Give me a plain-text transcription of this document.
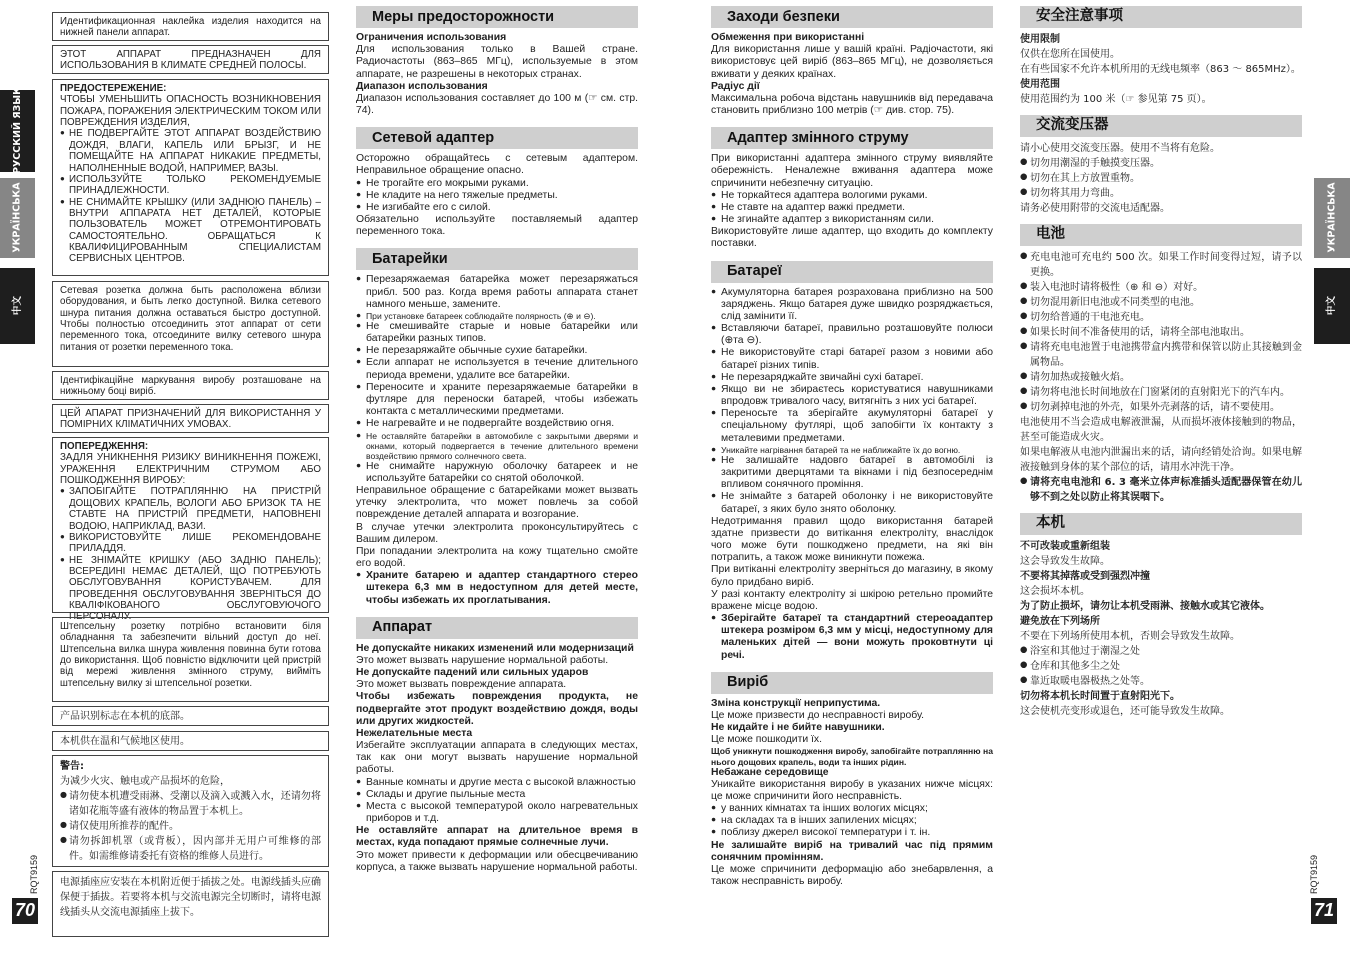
РУССКИЙ ЯЗЫК
УКРАЇНСЬКА
中文
УКРАЇНСЬКА
中文
RQT9159
70
RQT9159
71
Идентификационная наклейка изделия находится на нижней панели аппарат.
ЭТОТ АППАРАТ ПРЕДНАЗНАЧЕН ДЛЯ ИСПОЛЬЗОВАНИЯ В КЛИМАТЕ СРЕДНЕЙ ПОЛОСЫ.
ПРЕДОСТЕРЕЖЕНИЕ:
ЧТОБЫ УМЕНЬШИТЬ ОПАСНОСТЬ ВОЗНИКНОВЕНИЯ ПОЖАРА, ПОРАЖЕНИЯ ЭЛЕКТРИЧЕСКИМ ТОКОМ ИЛИ ПОВРЕЖДЕНИЯ ИЗДЕЛИЯ,
● НЕ ПОДВЕРГАЙТЕ ЭТОТ АППАРАТ ВОЗДЕЙСТВИЮ ДОЖДЯ, ВЛАГИ, КАПЕЛЬ ИЛИ БРЫЗГ, И НЕ ПОМЕЩАЙТЕ НА АППАРАТ НИКАКИЕ ПРЕДМЕТЫ, НАПОЛНЕННЫЕ ВОДОЙ, НАПРИМЕР, ВАЗЫ.
● ИСПОЛЬЗУЙТЕ ТОЛЬКО РЕКОМЕНДУЕМЫЕ ПРИНАДЛЕЖНОСТИ.
● НЕ СНИМАЙТЕ КРЫШКУ (ИЛИ ЗАДНЮЮ ПАНЕЛЬ) – ВНУТРИ АППАРАТА НЕТ ДЕТАЛЕЙ, КОТОРЫЕ ПОЛЬЗОВАТЕЛЬ МОЖЕТ ОТРЕМОНТИРОВАТЬ САМОСТОЯТЕЛЬНО. ОБРАЩАТЬСЯ К КВАЛИФИЦИРОВАННЫМ СПЕЦИАЛИСТАМ СЕРВИСНЫХ ЦЕНТРОВ.
Сетевая розетка должна быть расположена вблизи оборудования, и быть легко доступной. Вилка сетевого шнура питания должна оставаться быстро доступной. Чтобы полностью отсоединить этот аппарат от сети переменного тока, отсоедините вилку сетевого шнура питания от розетки переменного тока.
Ідентифікаційне маркування виробу розташоване на нижньому боці виріб.
ЦЕЙ АПАРАТ ПРИЗНАЧЕНИЙ ДЛЯ ВИКОРИСТАННЯ У ПОМІРНИХ КЛІМАТИЧНИХ УМОВАХ.
ПОПЕРЕДЖЕННЯ:
ЗАДЛЯ УНИКНЕННЯ РИЗИКУ ВИНИКНЕННЯ ПОЖЕЖІ, УРАЖЕННЯ ЕЛЕКТРИЧНИМ СТРУМОМ АБО ПОШКОДЖЕННЯ ВИРОБУ:
● ЗАПОБІГАЙТЕ ПОТРАПЛЯННЮ НА ПРИСТРІЙ ДОЩОВИХ КРАПЕЛЬ, ВОЛОГИ АБО БРИЗОК ТА НЕ СТАВТЕ НА ПРИСТРІЙ ПРЕДМЕТИ, НАПОВНЕНІ ВОДОЮ, НАПРИКЛАД, ВАЗИ.
● ВИКОРИСТОВУЙТЕ ЛИШЕ РЕКОМЕНДОВАНЕ ПРИЛАДДЯ.
● НЕ ЗНІМАЙТЕ КРИШКУ (АБО ЗАДНЮ ПАНЕЛЬ); ВСЕРЕДИНІ НЕМАЄ ДЕТАЛЕЙ, ЩО ПОТРЕБУЮТЬ ОБСЛУГОВУВАННЯ КОРИСТУВАЧЕМ. ДЛЯ ПРОВЕДЕННЯ ОБСЛУГОВУВАННЯ ЗВЕРНІТЬСЯ ДО КВАЛІФІКОВАНОГО ОБСЛУГОВУЮЧОГО ПЕРСОНАЛУ.
Штепсельну розетку потрібно встановити біля обладнання та забезпечити вільний доступ до неї. Штепсельна вилка шнура живлення повинна бути готова до використання. Щоб повністю відключити цей пристрій від мережі живлення змінного струму, вийміть штепсельну вилку зі штепсельної розетки.
产品识别标志在本机的底部。
本机供在温和气候地区使用。
警告:
为减少火灾、触电或产品损坏的危险，
● 请勿使本机遭受雨淋、受潮以及滴入或溅入水，还请勿将诸如花瓶等盛有液体的物品置于本机上。
● 请仅使用所推荐的配件。
● 请勿拆卸机罩（或背板），因内部并无用户可维修的部件。如需维修请委托有资格的维修人员进行。
电源插座应安装在本机附近便于插拔之处。电源线插头应确保便于插拔。若要将本机与交流电源完全切断时，请将电源线插头从交流电源插座上拔下。
Меры предосторожности

Ограничения использования

Для использования только в Вашей стране. Радиочастоты (863–865 МГц), используемые в этом аппарате, не разрешены в некоторых странах.

Диапазон использования

Диапазон использования составляет до 100 м (☞ см. стр. 74).

Сетевой адаптер

Осторожно обращайтесь с сетевым адаптером. Неправильное обращение опасно.

● Не трогайте его мокрыми руками.
● Не кладите на него тяжелые предметы.
● Не изгибайте его с силой.

Обязательно используйте поставляемый адаптер переменного тока.

Батарейки
● Перезаряжаемая батарейка может перезаряжаться прибл. 500 раз. Когда время работы аппарата станет намного меньше, замените.
● При установке батареек соблюдайте полярность (⊕ и ⊖).
● Не смешивайте старые и новые батарейки или батарейки разных типов.
● Не перезаряжайте обычные сухие батарейки.
● Если аппарат не используется в течение длительного периода времени, удалите все батарейки.
● Переносите и храните перезаряжаемые батарейки в футляре для переноски батарей, чтобы избежать контакта с металлическими предметами.
● Не нагревайте и не подвергайте воздействию огня.
● Не оставляйте батарейки в автомобиле с закрытыми дверями и окнами, который подвергается в течение длительного времени воздействию прямого солнечного света.
● Не снимайте наружную оболочку батареек и не используйте батарейки со снятой оболочкой.

Неправильное обращение с батарейками может вызвать утечку электролита, что может повлечь за собой повреждение деталей аппарата и возгорание.

В случае утечки электролита проконсультируйтесь с Вашим дилером.

При попадании электролита на кожу тщательно смойте его водой.

● Храните батарею и адаптер стандартного стерео штекера 6,3 мм в недоступном для детей месте, чтобы избежать их проглатывания.
Аппарат

Не допускайте никаких изменений или модернизаций

Это может вызвать нарушение нормальной работы.

Не допускайте падений или сильных ударов

Это может вызвать повреждение аппарата.

Чтобы избежать повреждения продукта, не подвергайте этот продукт воздействию дождя, воды или других жидкостей.

Нежелательные места

Избегайте эксплуатации аппарата в следующих местах, так как они могут вызвать нарушение нормальной работы.

● Ванные комнаты и другие места с высокой влажностью
● Склады и другие пыльные места
● Места с высокой температурой около нагревательных приборов и т.д.

Не оставляйте аппарат на длительное время в местах, куда попадают прямые солнечные лучи.

Это может привести к деформации или обесцвечиванию корпуса, а также вызвать нарушение нормальной работы.

Заходи безпеки

Обмеження при використанні

Для використання лише у вашій країні. Радіочастоти, які використовує цей виріб (863–865 МГц), не дозволяється вживати у деяких країнах.

Радіус дії

Максимальна робоча відстань навушників від передавача становить приблизно 100 метрів (☞ див. стор. 75).

Адаптер змінного струму

При використанні адаптера змінного струму виявляйте обережність. Неналежне вживання адаптера може спричинити небезпечну ситуацію.

● Не торкайтеся адаптера вологими руками.
● Не ставте на адаптер важкі предмети.
● Не згинайте адаптер з використанням сили.

Використовуйте лише адаптер, що входить до комплекту поставки.

Батареї
● Акумуляторна батарея розрахована приблизно на 500 заряджень. Якщо батарея дуже швидко розряджається, слід замінити її.
● Вставляючи батареї, правильно розташовуйте полюси (⊕та ⊖).
● Не використовуйте старі батареї разом з новими або батареї різних типів.
● Не перезаряджайте звичайні сухі батареї.
● Якщо ви не збираєтесь користуватися навушниками впродовж тривалого часу, витягніть з них усі батареї.
● Переносьте та зберігайте акумуляторні батареї у спеціальному футлярі, щоб запобігти їх контакту з металевими предметами.
● Уникайте нагрівання батарей та не наближайте їх до вогню.
● Не залишайте надовго батареї в автомобілі із закритими дверцятами та вікнами і під безпосереднім впливом сонячного проміння.
● Не знімайте з батарей оболонку і не використовуйте батареї, з яких було знято оболонку.

Недотримання правил щодо використання батарей здатне призвести до витікання електроліту, внаслідок чого може бути пошкоджено предмети, на які він потрапить, а також може виникнути пожежа.

При витіканні електроліту зверніться до магазину, в якому було придбано виріб.

У разі контакту електроліту зі шкірою ретельно промийте вражене місце водою.

● Зберігайте батареї та стандартний стереоадаптер штекера розміром 6,3 мм у місці, недоступному для маленьких дітей — вони можуть проковтнути ці речі.
Виріб

Зміна конструкції неприпустима.

Це може призвести до несправності виробу.

Не кидайте і не бийте навушники.

Це може пошкодити їх.

Щоб уникнути пошкодження виробу, запобігайте потраплянню на нього дощових крапель, води та інших рідин.

Небажане середовище

Уникайте використання виробу в указаних нижче місцях: це може спричинити його несправність.

● у ванних кімнатах та інших вологих місцях;
● на складах та в інших запилених місцях;
● поблизу джерел високої температури і т. ін.

Не залишайте виріб на тривалий час під прямим сонячним промінням.

Це може спричинити деформацію або знебарвлення, а також несправність виробу.

安全注意事项

使用限制

仅供在您所在国使用。

在有些国家不允许本机所用的无线电频率（863 ～ 865MHz）。

使用范围

使用范围约为 100 米（☞ 参见第 75 页）。

交流变压器

请小心使用交流变压器。使用不当将有危险。

● 切勿用潮湿的手触摸变压器。
● 切勿在其上方放置重物。
● 切勿将其用力弯曲。

请务必使用附带的交流电适配器。

电池
● 充电电池可充电约 500 次。如果工作时间变得过短，请予以更换。
● 装入电池时请将极性（⊕ 和 ⊖）对好。
● 切勿混用新旧电池或不同类型的电池。
● 切勿给普通的干电池充电。
● 如果长时间不准备使用的话，请将全部电池取出。
● 请将充电电池置于电池携带盒内携带和保管以防止其接触到金属物品。
● 请勿加热或接触火焰。
● 请勿将电池长时间地放在门窗紧闭的直射阳光下的汽车内。
● 切勿剥掉电池的外壳，如果外壳剥落的话，请不要使用。

电池使用不当会造成电解液泄漏，从而损坏液体接触到的物品，甚至可能造成火灾。

如果电解液从电池内泄漏出来的话，请向经销处洽询。如果电解液接触到身体的某个部位的话，请用水冲洗干净。

● 请将充电电池和 6. 3 毫米立体声标准插头适配器保管在幼儿够不到之处以防止将其误咽下。
本机

不可改装或重新组装

这会导致发生故障。

不要将其掉落或受到强烈冲撞

这会损坏本机。

为了防止损坏，请勿让本机受雨淋、接触水或其它液体。

避免放在下列场所

不要在下列场所使用本机，否则会导致发生故障。

● 浴室和其他过于潮湿之处
● 仓库和其他多尘之处
● 靠近取暖电器极热之处等。

切勿将本机长时间置于直射阳光下。

这会使机壳变形或退色，还可能导致发生故障。
